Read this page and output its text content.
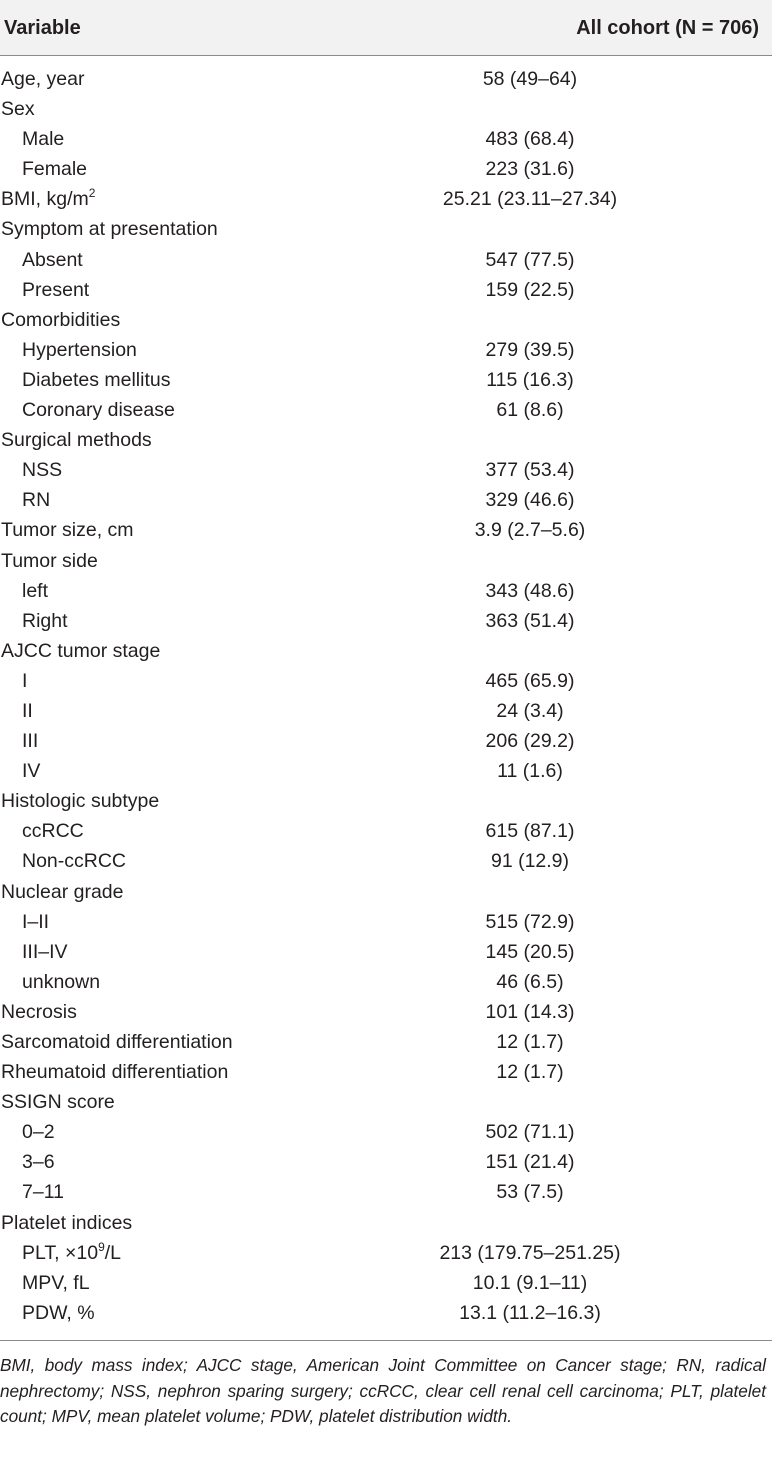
Variable	All cohort (N = 706)
Age, year	58 (49–64)
Sex
Male	483 (68.4)
Female	223 (31.6)
BMI, $kg/m^2$	25.21 (23.11–27.34)
Symptom at presentation
Absent	547 (77.5)
Present	159 (22.5)
Comorbidities
Hypertension	279 (39.5)
Diabetes mellitus	115 (16.3)
Coronary disease	61 (8.6)
Surgical methods
NSS	377 (53.4)
RN	329 (46.6)
Tumor size, cm	3.9 (2.7–5.6)
Tumor side
left	343 (48.6)
Right	363 (51.4)
AJCC tumor stage
I	465 (65.9)
II	24 (3.4)
III	206 (29.2)
IV	11 (1.6)
Histologic subtype
ccRCC	615 (87.1)
Non-ccRCC	91 (12.9)
Nuclear grade
I–II	515 (72.9)
III–IV	145 (20.5)
unknown	46 (6.5)
Necrosis	101 (14.3)
Sarcomatoid differentiation	12 (1.7)
Rheumatoid differentiation	12 (1.7)
SSIGN score
0–2	502 (71.1)
3–6	151 (21.4)
7–11	53 (7.5)
Platelet indices
PLT, $\times 10^9/L$	213 (179.75–251.25)
MPV, fL	10.1 (9.1–11)
PDW, %	13.1 (11.2–16.3)
BMI, body mass index; AJCC stage, American Joint Committee on Cancer stage; RN, radical nephrectomy; NSS, nephron sparing surgery; ccRCC, clear cell renal cell carcinoma; PLT, platelet count; MPV, mean platelet volume; PDW, platelet distribution width.
